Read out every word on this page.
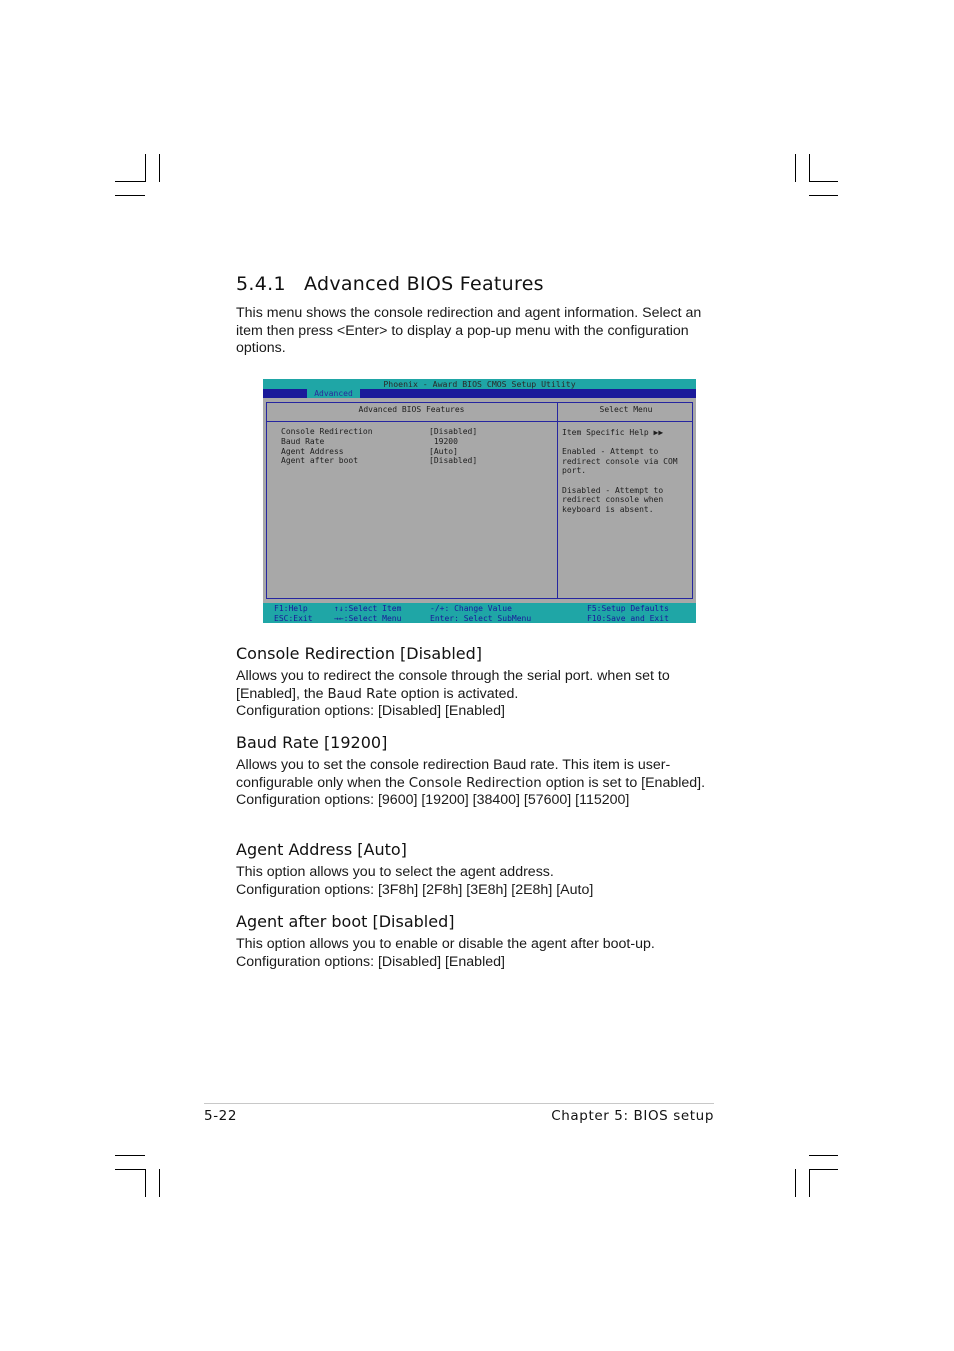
5.4.1 Advanced BIOS Features

This menu shows the console redirection and agent information. Select an item then press <Enter> to display a pop-up menu with the configuration options.

Phoenix - Award BIOS CMOS Setup Utility
Advanced
Advanced BIOS Features	Select Menu
Console Redirection	[Disabled]
Baud Rate	19200
Agent Address	[Auto]
Agent after boot	[Disabled]
Item Specific Help ▶▶

Enabled - Attempt to
redirect console via COM
port.

Disabled - Attempt to
redirect console when
keyboard is absent.
F1:Help
ESC:Exit
↑↓:Select Item
→←:Select Menu
-/+: Change Value
Enter: Select SubMenu
F5:Setup Defaults
F10:Save and Exit
Console Redirection [Disabled]

Allows you to redirect the console through the serial port. when set to [Enabled], the Baud Rate option is activated.
Configuration options: [Disabled] [Enabled]

Baud Rate [19200]

Allows you to set the console redirection Baud rate. This item is user-configurable only when the Console Redirection option is set to [Enabled]. Configuration options: [9600] [19200] [38400] [57600] [115200]

Agent Address [Auto]

This option allows you to select the agent address.
Configuration options: [3F8h] [2F8h] [3E8h] [2E8h] [Auto]

Agent after boot [Disabled]

This option allows you to enable or disable the agent after boot-up.
Configuration options: [Disabled] [Enabled]

5-22	Chapter 5: BIOS setup
